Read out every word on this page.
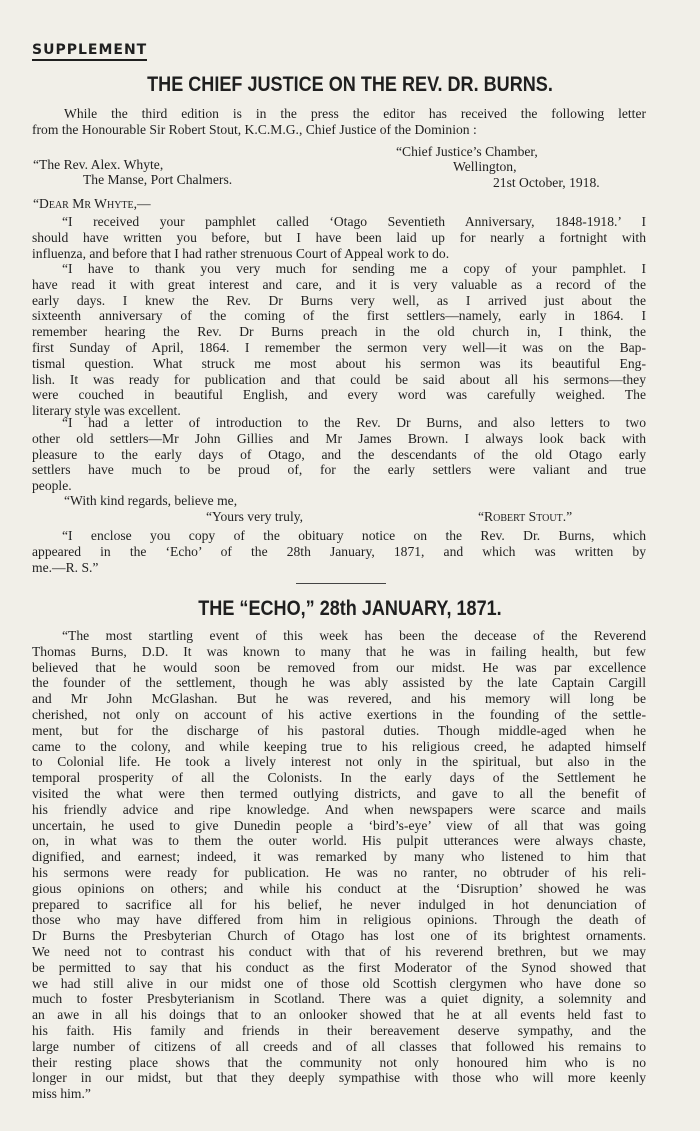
SUPPLEMENT
THE CHIEF JUSTICE ON THE REV. DR. BURNS.
While the third edition is in the press the editor has received the following letter
from the Honourable Sir Robert Stout, K.C.M.G., Chief Justice of the Dominion :
“Chief Justice’s Chamber,
“The Rev. Alex. Whyte,	Wellington,
The Manse, Port Chalmers.	21st October, 1918.
“Dear Mr Whyte,—
“I received your pamphlet called ‘Otago Seventieth Anniversary, 1848-1918.’ I
should have written you before, but I have been laid up for nearly a fortnight with
influenza, and before that I had rather strenuous Court of Appeal work to do.
“I have to thank you very much for sending me a copy of your pamphlet. I
have read it with great interest and care, and it is very valuable as a record of the
early days. I knew the Rev. Dr Burns very well, as I arrived just about the
sixteenth anniversary of the coming of the first settlers—namely, early in 1864. I
remember hearing the Rev. Dr Burns preach in the old church in, I think, the
first Sunday of April, 1864. I remember the sermon very well—it was on the Bap-
tismal question. What struck me most about his sermon was its beautiful Eng-
lish. It was ready for publication and that could be said about all his sermons—they
were couched in beautiful English, and every word was carefully weighed. The
literary style was excellent.
“I had a letter of introduction to the Rev. Dr Burns, and also letters to two
other old settlers—Mr John Gillies and Mr James Brown. I always look back with
pleasure to the early days of Otago, and the descendants of the old Otago early
settlers have much to be proud of, for the early settlers were valiant and true
people.
“With kind regards, believe me,
“Yours very truly,	“Robert Stout.”
“I enclose you copy of the obituary notice on the Rev. Dr. Burns, which
appeared in the ‘Echo’ of the 28th January, 1871, and which was written by
me.—R. S.”
THE “ECHO,” 28th JANUARY, 1871.
“The most startling event of this week has been the decease of the Reverend
Thomas Burns, D.D. It was known to many that he was in failing health, but few
believed that he would soon be removed from our midst. He was par excellence
the founder of the settlement, though he was ably assisted by the late Captain Cargill
and Mr John McGlashan. But he was revered, and his memory will long be
cherished, not only on account of his active exertions in the founding of the settle-
ment, but for the discharge of his pastoral duties. Though middle-aged when he
came to the colony, and while keeping true to his religious creed, he adapted himself
to Colonial life. He took a lively interest not only in the spiritual, but also in the
temporal prosperity of all the Colonists. In the early days of the Settlement he
visited the what were then termed outlying districts, and gave to all the benefit of
his friendly advice and ripe knowledge. And when newspapers were scarce and mails
uncertain, he used to give Dunedin people a ‘bird’s-eye’ view of all that was going
on, in what was to them the outer world. His pulpit utterances were always chaste,
dignified, and earnest; indeed, it was remarked by many who listened to him that
his sermons were ready for publication. He was no ranter, no obtruder of his reli-
gious opinions on others; and while his conduct at the ‘Disruption’ showed he was
prepared to sacrifice all for his belief, he never indulged in hot denunciation of
those who may have differed from him in religious opinions. Through the death of
Dr Burns the Presbyterian Church of Otago has lost one of its brightest ornaments.
We need not to contrast his conduct with that of his reverend brethren, but we may
be permitted to say that his conduct as the first Moderator of the Synod showed that
we had still alive in our midst one of those old Scottish clergymen who have done so
much to foster Presbyterianism in Scotland. There was a quiet dignity, a solemnity and
an awe in all his doings that to an onlooker showed that he at all events held fast to
his faith. His family and friends in their bereavement deserve sympathy, and the
large number of citizens of all creeds and of all classes that followed his remains to
their resting place shows that the community not only honoured him who is no
longer in our midst, but that they deeply sympathise with those who will more keenly
miss him.”
